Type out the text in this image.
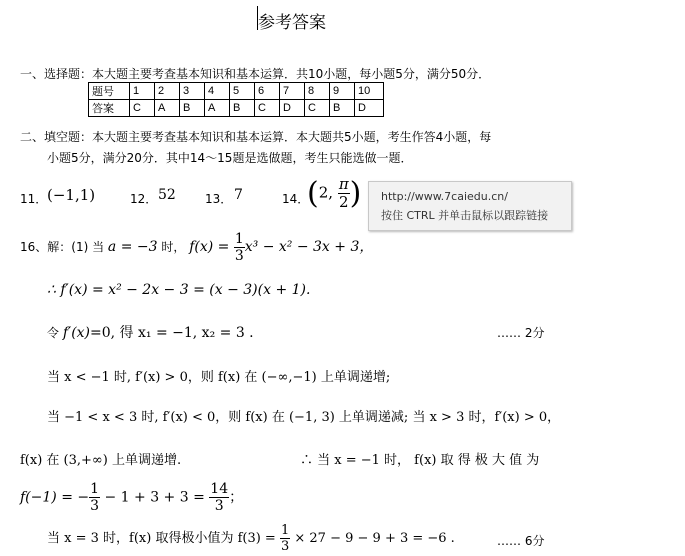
参考答案
一、选择题：本大题主要考查基本知识和基本运算．共10小题，每小题5分，满分50分．
题号	1	2	3	4	5	6	7	8	9	10
答案	C	A	B	A	B	C	D	C	B	D
二、填空题：本大题主要考查基本知识和基本运算．本大题共5小题，考生作答4小题，每
小题5分，满分20分．其中14～15题是选做题，考生只能选做一题．
11． (−1,1)	12． 52 13． 7	14．
(2, $\frac{\pi}{2}$ ) http://www.7caiedu.cn/
按住 CTRL 并单击鼠标以跟踪链接
16、解：(1) 当 a = −3 时， $f(x) = \frac{1}{3} x^3 - x^2 - 3x + 3$，
∴ f′(x) = x² − 2x − 3 = (x − 3)(x + 1).
令 f′(x)=0, 得 x₁ = −1, x₂ = 3 .	…… 2分
当 x < −1 时, f′(x) > 0，则 f(x) 在 (−∞,−1) 上单调递增;
当 −1 < x < 3 时, f′(x) < 0，则 f(x) 在 (−1, 3) 上单调递减; 当 x > 3 时，f′(x) > 0，
f(x) 在 (3,+∞) 上单调递增.	∴ 当 x = −1 时， f(x) 取 得 极 大 值 为
f(−1) = − $\frac{1}{3} - 1 + 3 + 3 = \frac{14}{3}$ ；
当 x = 3 时，f(x) 取得极小值为 $f(3) = \frac{1}{3} \times 27 - 9 - 9 + 3 = -6$ .	…… 6分
